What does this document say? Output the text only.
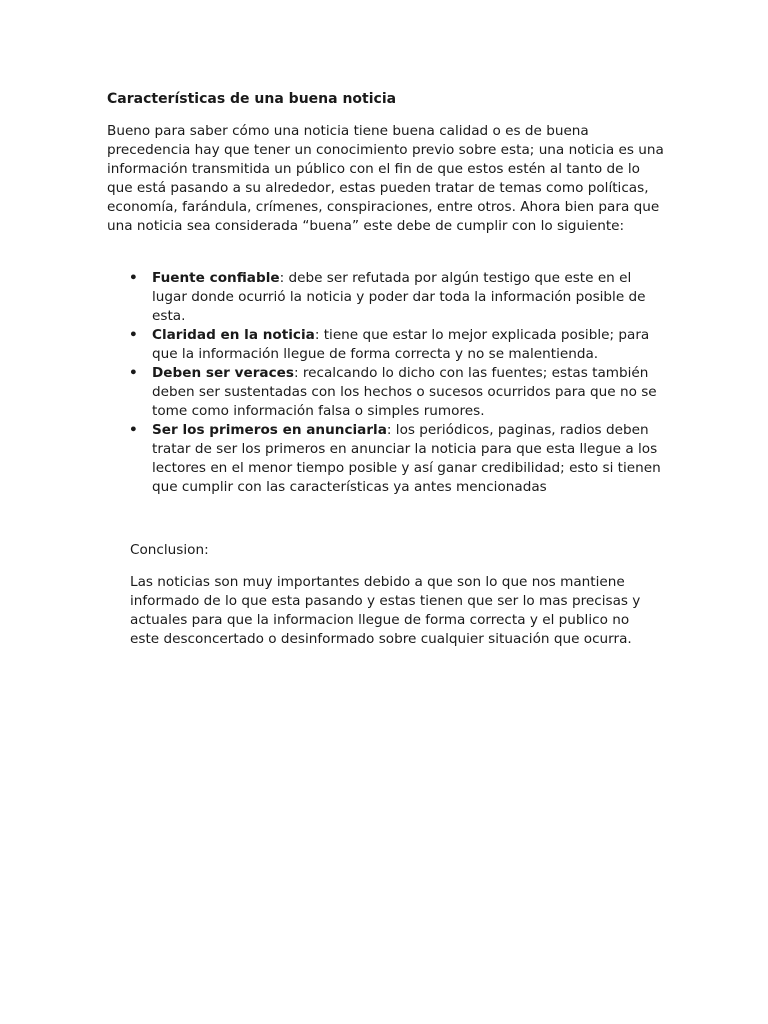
Características de una buena noticia

Bueno para saber cómo una noticia tiene buena calidad o es de buena precedencia hay que tener un conocimiento previo sobre esta; una noticia es una información transmitida un público con el fin de que estos estén al tanto de lo que está pasando a su alrededor, estas pueden tratar de temas como políticas, economía, farándula, crímenes, conspiraciones, entre otros. Ahora bien para que una noticia sea considerada “buena” este debe de cumplir con lo siguiente:

• Fuente confiable: debe ser refutada por algún testigo que este en el lugar donde ocurrió la noticia y poder dar toda la información posible de esta.
• Claridad en la noticia: tiene que estar lo mejor explicada posible; para que la información llegue de forma correcta y no se malentienda.
• Deben ser veraces: recalcando lo dicho con las fuentes; estas también deben ser sustentadas con los hechos o sucesos ocurridos para que no se tome como información falsa o simples rumores.
• Ser los primeros en anunciarla: los periódicos, paginas, radios deben tratar de ser los primeros en anunciar la noticia para que esta llegue a los lectores en el menor tiempo posible y así ganar credibilidad; esto si tienen que cumplir con las características ya antes mencionadas

Conclusion:

Las noticias son muy importantes debido a que son lo que nos mantiene informado de lo que esta pasando y estas tienen que ser lo mas precisas y actuales para que la informacion llegue de forma correcta y el publico no este desconcertado o desinformado sobre cualquier situación que ocurra.
